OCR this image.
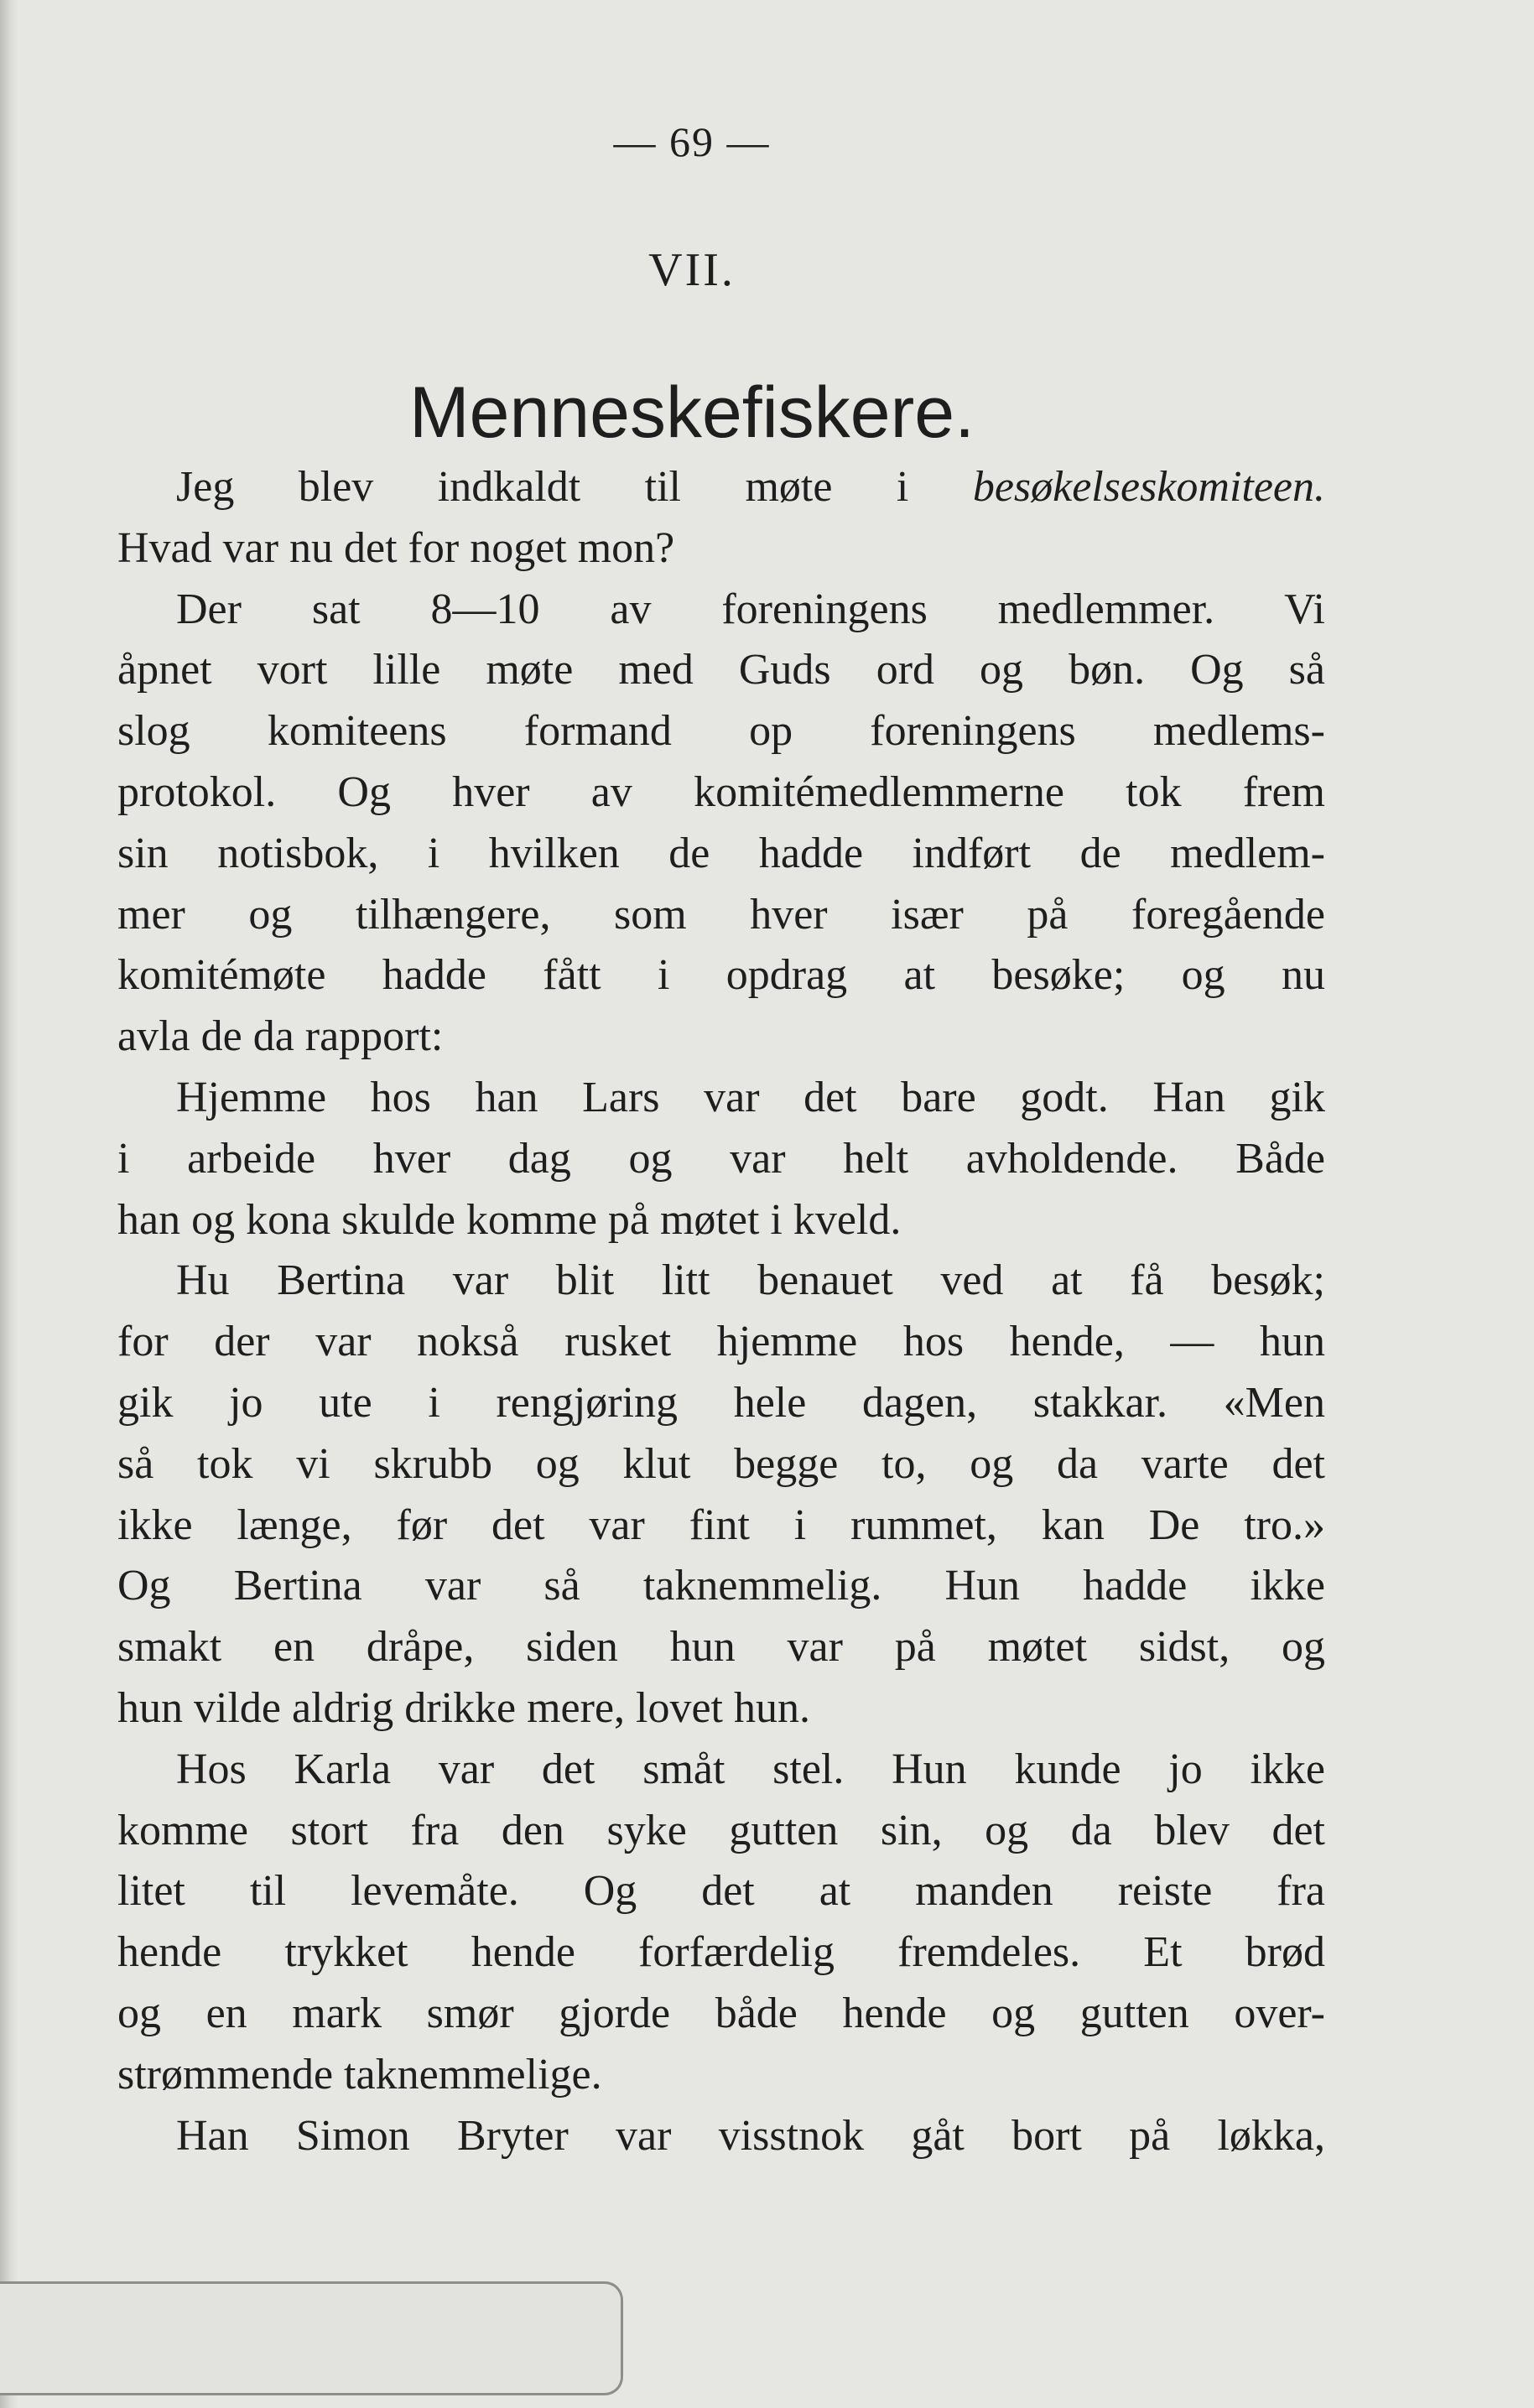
— 69 —
VII.
Menneskefiskere.
Jeg blev indkaldt til møte i besøkelseskomiteen.
Hvad var nu det for noget mon?
Der sat 8—10 av foreningens medlemmer. Vi
åpnet vort lille møte med Guds ord og bøn. Og så
slog komiteens formand op foreningens medlems-
protokol. Og hver av komitémedlemmerne tok frem
sin notisbok, i hvilken de hadde indført de medlem-
mer og tilhængere, som hver især på foregående
komitémøte hadde fått i opdrag at besøke; og nu
avla de da rapport:
Hjemme hos han Lars var det bare godt. Han gik
i arbeide hver dag og var helt avholdende. Både
han og kona skulde komme på møtet i kveld.
Hu Bertina var blit litt benauet ved at få besøk;
for der var nokså rusket hjemme hos hende, — hun
gik jo ute i rengjøring hele dagen, stakkar. «Men
så tok vi skrubb og klut begge to, og da varte det
ikke længe, før det var fint i rummet, kan De tro.»
Og Bertina var så taknemmelig. Hun hadde ikke
smakt en dråpe, siden hun var på møtet sidst, og
hun vilde aldrig drikke mere, lovet hun.
Hos Karla var det småt stel. Hun kunde jo ikke
komme stort fra den syke gutten sin, og da blev det
litet til levemåte. Og det at manden reiste fra
hende trykket hende forfærdelig fremdeles. Et brød
og en mark smør gjorde både hende og gutten over-
strømmende taknemmelige.
Han Simon Bryter var visstnok gåt bort på løkka,
